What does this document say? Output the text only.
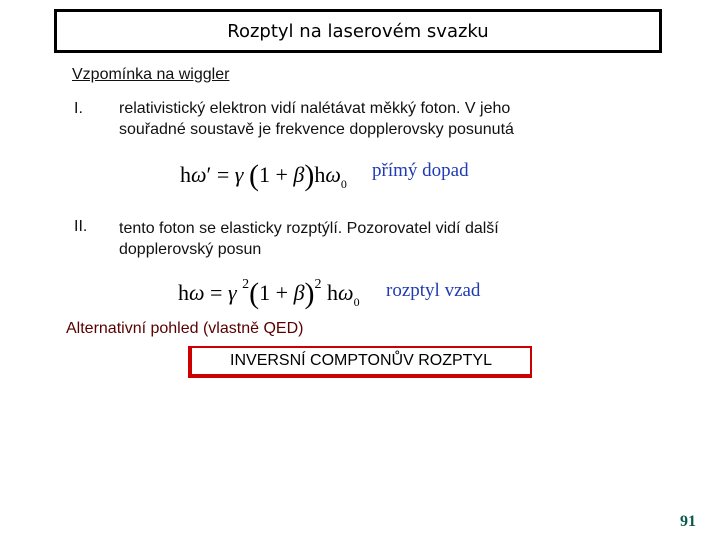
Rozptyl na laserovém svazku
Vzpomínka na wiggler
I. relativistický elektron vidí nalétávat měkký foton. V jeho souřadné soustavě je frekvence dopplerovsky posunutá
hω′ = γ $(1 + \beta)h\omega_0$
přímý dopad
II. tento foton se elasticky rozptýlí. Pozorovatel vidí další dopplerovský posun
hω = γ $^2(1 + \beta)^2$ $h\omega_0$
rozptyl vzad
Alternativní pohled (vlastně QED)
INVERSNÍ COMPTONŮV ROZPTYL
91
